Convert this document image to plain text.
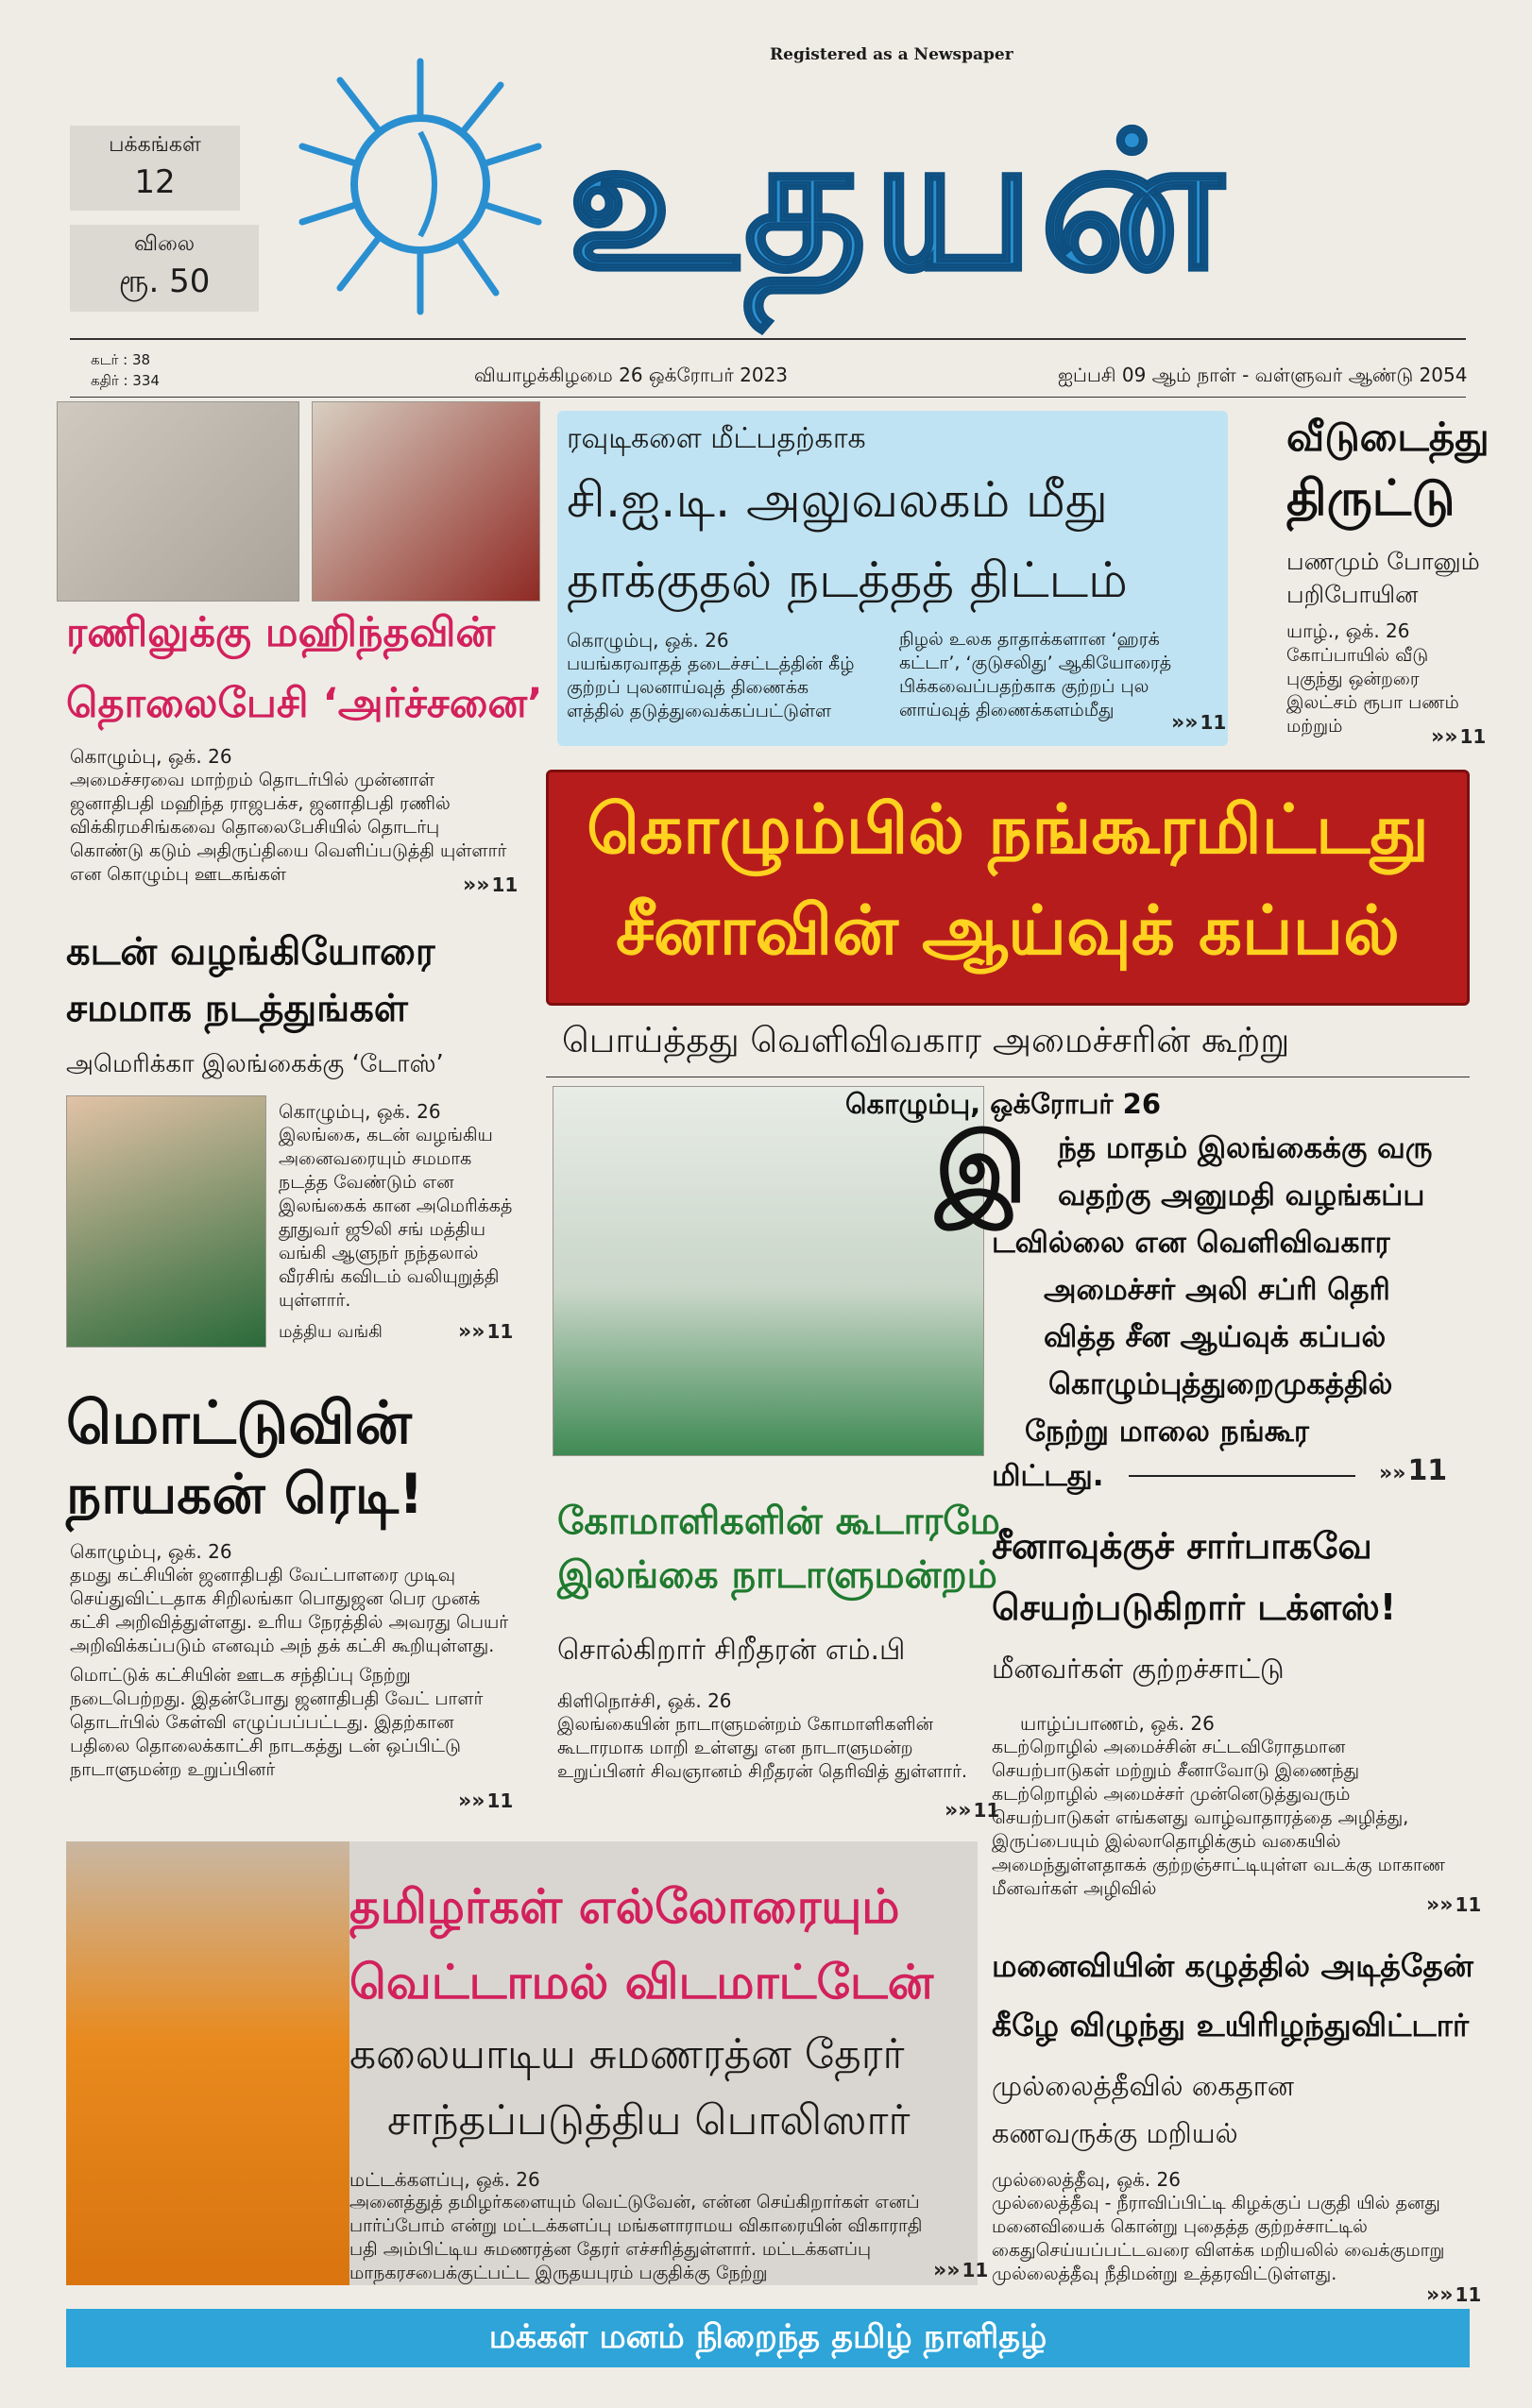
Registered as a Newspaper
உதயன்
பக்கங்கள்
12
விலை
ரூ. 50
கடர் : 38
கதிர் : 334	வியாழக்கிழமை 26 ஒக்ரோபர் 2023	ஐப்பசி 09 ஆம் நாள் - வள்ளுவர் ஆண்டு 2054
ரணிலுக்கு மஹிந்தவின்
தொலைபேசி ‘அர்ச்சனை’
கொழும்பு, ஒக். 26
அமைச்சரவை மாற்றம் தொடர்பில் முன்னாள் ஜனாதிபதி மஹிந்த ராஜபக்ச, ஜனாதிபதி ரணில் விக்கிரமசிங்கவை தொலைபேசியில் தொடர்பு கொண்டு கடும் அதிருப்தியை வெளிப்படுத்தி யுள்ளார் என கொழும்பு ஊடகங்கள்	»» 11
கடன் வழங்கியோரை
சமமாக நடத்துங்கள்
அமெரிக்கா இலங்கைக்கு ‘டோஸ்’
கொழும்பு, ஒக். 26
இலங்கை, கடன் வழங்கிய அனைவரையும் சமமாக நடத்த வேண்டும் என இலங்கைக் கான அமெரிக்கத் தூதுவர் ஜூலி சங் மத்திய வங்கி ஆளுநர் நந்தலால் வீரசிங் கவிடம் வலியுறுத்தி யுள்ளார்.
மத்திய வங்கி	»» 11
மொட்டுவின்
நாயகன் ரெடி!
கொழும்பு, ஒக். 26
தமது கட்சியின் ஜனாதிபதி வேட்பாளரை முடிவு செய்துவிட்டதாக சிறிலங்கா பொதுஜன பெர முனக் கட்சி அறிவித்துள்ளது. உரிய நேரத்தில் அவரது பெயர் அறிவிக்கப்படும் எனவும் அந் தக் கட்சி கூறியுள்ளது.
மொட்டுக் கட்சியின் ஊடக சந்திப்பு நேற்று நடைபெற்றது. இதன்போது ஜனாதிபதி வேட் பாளர் தொடர்பில் கேள்வி எழுப்பப்பட்டது. இதற்கான பதிலை தொலைக்காட்சி நாடகத்து டன் ஒப்பிட்டு நாடாளுமன்ற உறுப்பினர்
»» 11
ரவுடிகளை மீட்பதற்காக
சி.ஐ.டி. அலுவலகம் மீது
தாக்குதல் நடத்தத் திட்டம்
கொழும்பு, ஒக். 26
பயங்கரவாதத் தடைச்சட்டத்தின் கீழ் குற்றப் புலனாய்வுத் திணைக்க ளத்தில் தடுத்துவைக்கப்பட்டுள்ள
நிழல் உலக தாதாக்களான ‘ஹரக் கட்டா’, ‘குடுசலிது’ ஆகியோரைத் பிக்கவைப்பதற்காக குற்றப் புல னாய்வுத் திணைக்களம்மீது
»» 11
வீடுடைத்து
திருட்டு
பணமும் போனும்
பறிபோயின
யாழ்., ஒக். 26
கோப்பாயில் வீடு புகுந்து ஒன்றரை இலட்சம் ரூபா பணம் மற்றும்	»» 11
கொழும்பில் நங்கூரமிட்டது
சீனாவின் ஆய்வுக் கப்பல்
பொய்த்தது வெளிவிவகார அமைச்சரின் கூற்று
கொழும்பு, ஒக்ரோபர் 26
இ ந்த மாதம் இலங்கைக்கு வரு
வதற்கு அனுமதி வழங்கப்ப
டவில்லை என வெளிவிவகார
அமைச்சர் அலி சப்ரி தெரி
வித்த சீன ஆய்வுக் கப்பல்
கொழும்புத்துறைமுகத்தில்
நேற்று மாலை நங்கூர
மிட்டது.	»» 11
கோமாளிகளின் கூடாரமே
இலங்கை நாடாளுமன்றம்
சொல்கிறார் சிறீதரன் எம்.பி
கிளிநொச்சி, ஒக். 26
இலங்கையின் நாடாளுமன்றம் கோமாளிகளின் கூடாரமாக மாறி உள்ளது என நாடாளுமன்ற உறுப்பினர் சிவஞானம் சிறீதரன் தெரிவித் துள்ளார்.
»» 11
சீனாவுக்குச் சார்பாகவே
செயற்படுகிறார் டக்ளஸ்!
மீனவர்கள் குற்றச்சாட்டு
யாழ்ப்பாணம், ஒக். 26
கடற்றொழில் அமைச்சின் சட்டவிரோதமான செயற்பாடுகள் மற்றும் சீனாவோடு இணைந்து கடற்றொழில் அமைச்சர் முன்னெடுத்துவரும் செயற்பாடுகள் எங்களது வாழ்வாதாரத்தை அழித்து, இருப்பையும் இல்லாதொழிக்கும் வகையில் அமைந்துள்ளதாகக் குற்றஞ்சாட்டியுள்ள வடக்கு மாகாண மீனவர்கள் அழிவில்
»» 11
தமிழர்கள் எல்லோரையும்
வெட்டாமல் விடமாட்டேன்
கலையாடிய சுமணரத்ன தேரர்
சாந்தப்படுத்திய பொலிஸார்
மட்டக்களப்பு, ஒக். 26
அனைத்துத் தமிழர்களையும் வெட்டுவேன், என்ன செய்கிறார்கள் எனப் பார்ப்போம் என்று மட்டக்களப்பு மங்களாராமய விகாரையின் விகாராதி பதி அம்பிட்டிய சுமணரத்ன தேரர் எச்சரித்துள்ளார். மட்டக்களப்பு மாநகரசபைக்குட்பட்ட இருதயபுரம் பகுதிக்கு நேற்று	»» 11
மனைவியின் கழுத்தில் அடித்தேன்
கீழே விழுந்து உயிரிழந்துவிட்டார்
முல்லைத்தீவில் கைதான
கணவருக்கு மறியல்
முல்லைத்தீவு, ஒக். 26
முல்லைத்தீவு - நீராவிப்பிட்டி கிழக்குப் பகுதி யில் தனது மனைவியைக் கொன்று புதைத்த குற்றச்சாட்டில் கைதுசெய்யப்பட்டவரை விளக்க மறியலில் வைக்குமாறு முல்லைத்தீவு நீதிமன்று உத்தரவிட்டுள்ளது.
»» 11
மக்கள் மனம் நிறைந்த தமிழ் நாளிதழ்
